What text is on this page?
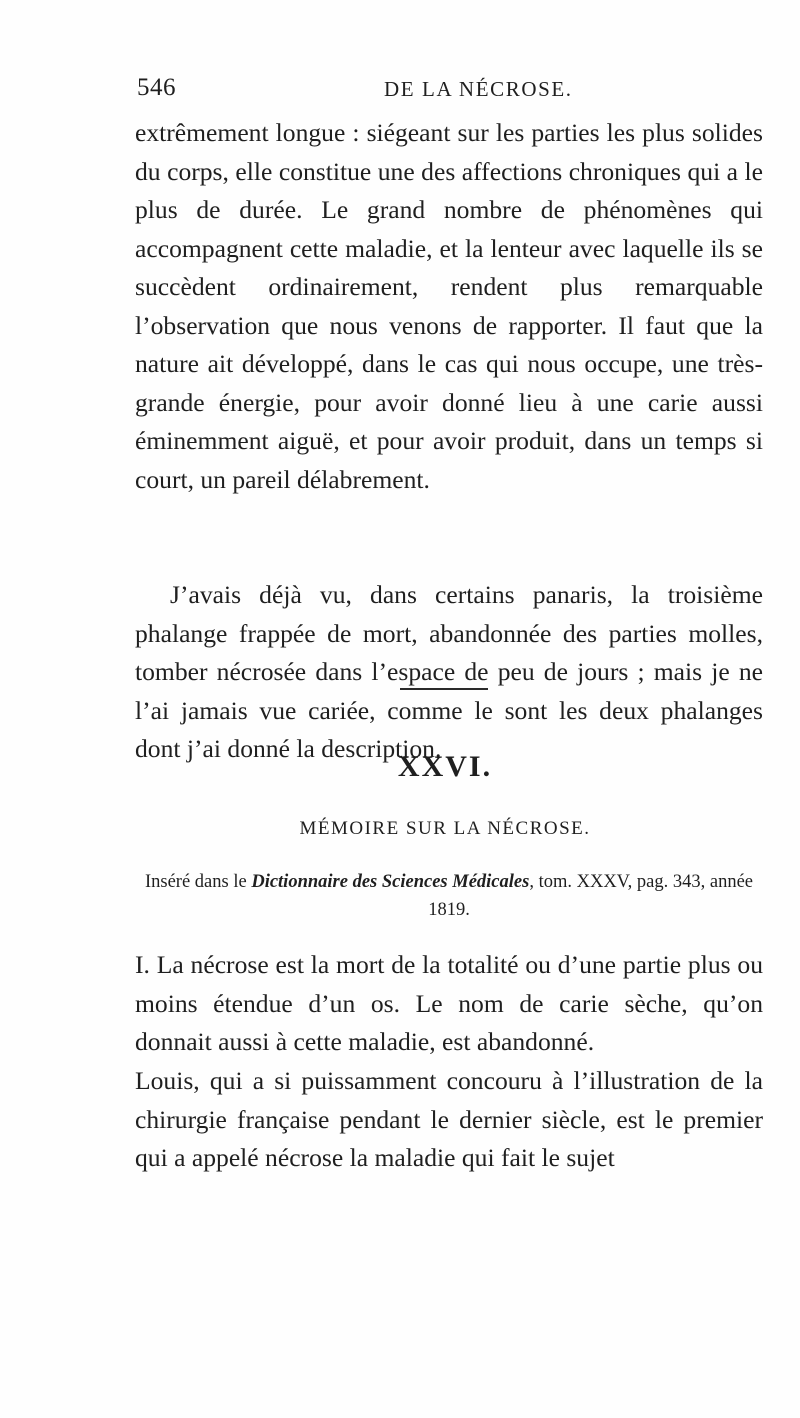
546	DE LA NÉCROSE.

extrêmement longue : siégeant sur les parties les plus solides du corps, elle constitue une des affections chroniques qui a le plus de durée. Le grand nombre de phénomènes qui accompagnent cette maladie, et la lenteur avec laquelle ils se succèdent ordinairement, rendent plus remarquable l’observation que nous venons de rapporter. Il faut que la nature ait développé, dans le cas qui nous occupe, une très-grande énergie, pour avoir donné lieu à une carie aussi éminemment aiguë, et pour avoir produit, dans un temps si court, un pareil délabrement.

J’avais déjà vu, dans certains panaris, la troisième phalange frappée de mort, abandonnée des parties molles, tomber nécrosée dans l’espace de peu de jours ; mais je ne l’ai jamais vue cariée, comme le sont les deux phalanges dont j’ai donné la description.

XXVI.
MÉMOIRE SUR LA NÉCROSE.
Inséré dans le Dictionnaire des Sciences Médicales, tom. XXXV, pag. 343, année 1819.

I. La nécrose est la mort de la totalité ou d’une partie plus ou moins étendue d’un os. Le nom de carie sèche, qu’on donnait aussi à cette maladie, est abandonné.

Louis, qui a si puissamment concouru à l’illustration de la chirurgie française pendant le dernier siècle, est le premier qui a appelé nécrose la maladie qui fait le sujet
